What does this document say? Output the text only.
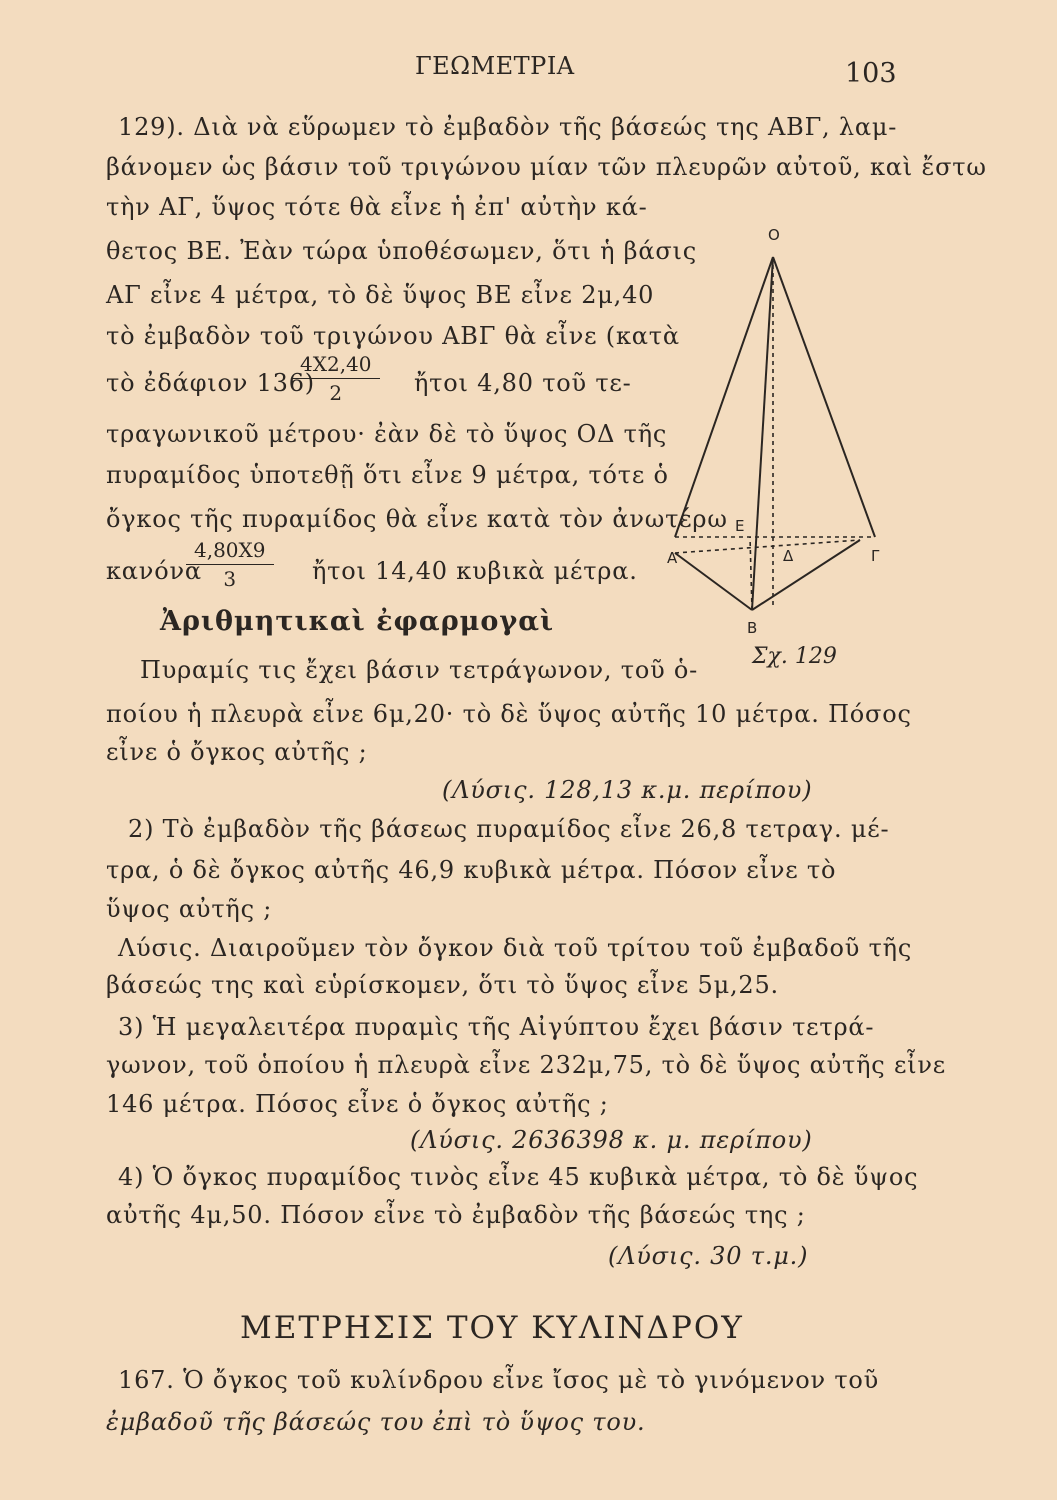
ΓΕΩΜΕΤΡΙΑ	103
129). Διὰ νὰ εὕρωμεν τὸ ἐμβαδὸν τῆς βάσεώς της ΑΒΓ, λαμ-
βάνομεν ὡς βάσιν τοῦ τριγώνου μίαν τῶν πλευρῶν αὐτοῦ, καὶ ἔστω
τὴν ΑΓ, ὕψος τότε θὰ εἶνε ἡ ἐπ' αὐτὴν κά-
θετος ΒΕ. Ἐὰν τώρα ὑποθέσωμεν, ὅτι ἡ βάσις
ΑΓ εἶνε 4 μέτρα, τὸ δὲ ὕψος ΒΕ εἶνε 2μ,40
τὸ ἐμβαδὸν τοῦ τριγώνου ΑΒΓ θὰ εἶνε (κατὰ
τὸ ἐδάφιον 136)
$\frac{4X2,40}{2}$ ἤτοι 4,80 τοῦ τε-
τραγωνικοῦ μέτρου· ἐὰν δὲ τὸ ὕψος ΟΔ τῆς
πυραμίδος ὑποτεθῇ ὅτι εἶνε 9 μέτρα, τότε ὁ
ὄγκος τῆς πυραμίδος θὰ εἶνε κατὰ τὸν ἀνωτέρω
κανόνα
$\frac{4,80X9}{3}$ ἤτοι 14,40 κυβικὰ μέτρα.
Ο
Α
Β
Γ
Δ
Ε
Ἀριθμητικαὶ ἐφαρμογαὶ
Σχ. 129
Πυραμίς τις ἔχει βάσιν τετράγωνον, τοῦ ὁ-
ποίου ἡ πλευρὰ εἶνε 6μ,20· τὸ δὲ ὕψος αὐτῆς 10 μέτρα. Πόσος
εἶνε ὁ ὄγκος αὐτῆς ;
(Λύσις. 128,13 κ.μ. περίπου)
2) Τὸ ἐμβαδὸν τῆς βάσεως πυραμίδος εἶνε 26,8 τετραγ. μέ-
τρα, ὁ δὲ ὄγκος αὐτῆς 46,9 κυβικὰ μέτρα. Πόσον εἶνε τὸ
ὕψος αὐτῆς ;
Λύσις. Διαιροῦμεν τὸν ὄγκον διὰ τοῦ τρίτου τοῦ ἐμβαδοῦ τῆς
βάσεώς της καὶ εὑρίσκομεν, ὅτι τὸ ὕψος εἶνε 5μ,25.
3) Ἡ μεγαλειτέρα πυραμὶς τῆς Αἰγύπτου ἔχει βάσιν τετρά-
γωνον, τοῦ ὁποίου ἡ πλευρὰ εἶνε 232μ,75, τὸ δὲ ὕψος αὐτῆς εἶνε
146 μέτρα. Πόσος εἶνε ὁ ὄγκος αὐτῆς ;
(Λύσις. 2636398 κ. μ. περίπου)
4) Ὁ ὄγκος πυραμίδος τινὸς εἶνε 45 κυβικὰ μέτρα, τὸ δὲ ὕψος
αὐτῆς 4μ,50. Πόσον εἶνε τὸ ἐμβαδὸν τῆς βάσεώς της ;
(Λύσις. 30 τ.μ.)
ΜΕΤΡΗΣΙΣ ΤΟΥ ΚΥΛΙΝΔΡΟΥ
167. Ὁ ὄγκος τοῦ κυλίνδρου εἶνε ἴσος μὲ τὸ γινόμενον τοῦ
ἐμβαδοῦ τῆς βάσεώς του ἐπὶ τὸ ὕψος του.
